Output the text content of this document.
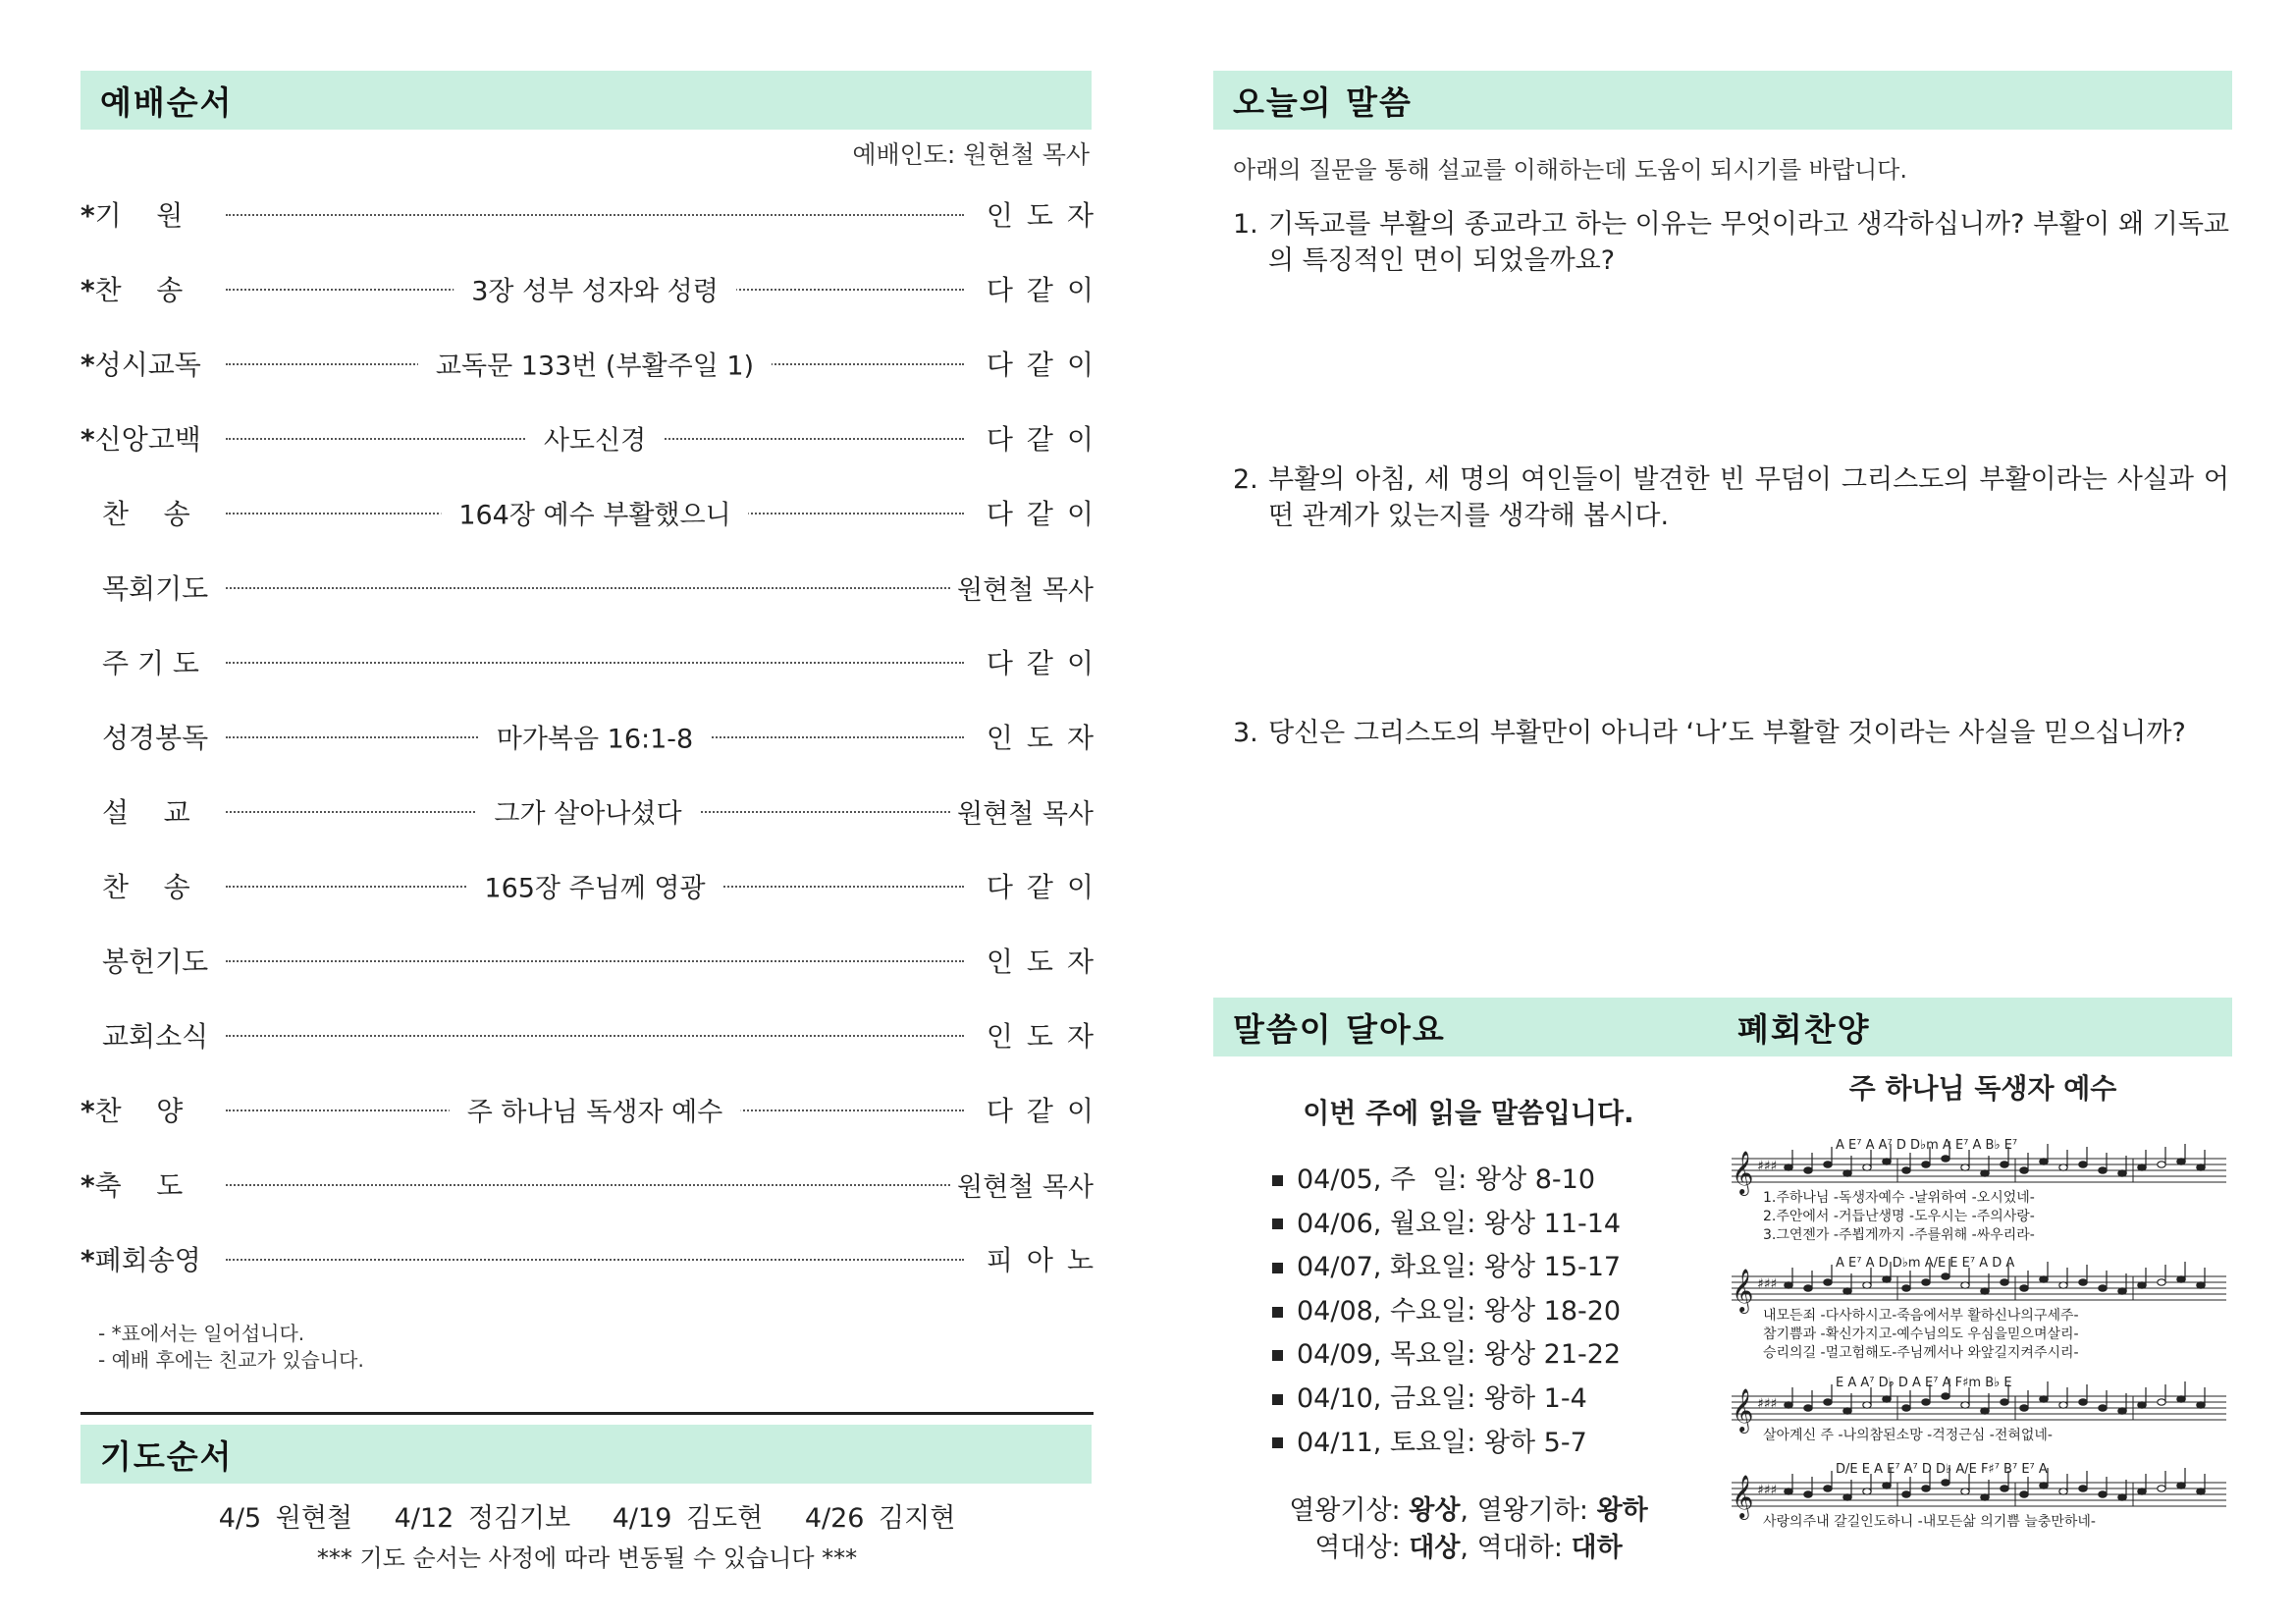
예배순서
예배인도: 원현철 목사
*기    원	인도자
*찬    송	3장 성부 성자와 성령	다같이
*성시교독	교독문 133번 (부활주일 1)	다같이
*신앙고백	사도신경	다같이
찬    송	164장 예수 부활했으니	다같이
목회기도	원현철 목사
주 기 도	다같이
성경봉독	마가복음 16:1-8	인도자
설    교	그가 살아나셨다	원현철 목사
찬    송	165장 주님께 영광	다같이
봉헌기도	인도자
교회소식	인도자
*찬    양	주 하나님 독생자 예수	다같이
*축    도	원현철 목사
*폐회송영	피아노
- *표에서는 일어섭니다.
- 예배 후에는 친교가 있습니다.
기도순서
4/5 원현철 4/12 정김기보 4/19 김도현 4/26 김지현
*** 기도 순서는 사정에 따라 변동될 수 있습니다 ***
오늘의 말씀
아래의 질문을 통해 설교를 이해하는데 도움이 되시기를 바랍니다.
1. 기독교를 부활의 종교라고 하는 이유는 무엇이라고 생각하십니까? 부활이 왜 기독교의 특징적인 면이 되었을까요?
2. 부활의 아침, 세 명의 여인들이 발견한 빈 무덤이 그리스도의 부활이라는 사실과 어떤 관계가 있는지를 생각해 봅시다.
3. 당신은 그리스도의 부활만이 아니라 ‘나’도 부활할 것이라는 사실을 믿으십니까?
말씀이 달아요	폐회찬양
이번 주에 읽을 말씀입니다.
04/05, 주  일: 왕상 8-10
04/06, 월요일: 왕상 11-14
04/07, 화요일: 왕상 15-17
04/08, 수요일: 왕상 18-20
04/09, 목요일: 왕상 21-22
04/10, 금요일: 왕하 1-4
04/11, 토요일: 왕하 5-7
열왕기상: 왕상, 열왕기하: 왕하
역대상: 대상, 역대하: 대하
주 하나님 독생자 예수
A E⁷ A A⁷ D D♭m A E⁷ A B♭ E⁷
𝄞 ♯♯♯
1.주하나님 -독생자예수 -날위하여 -오시었네-
2.주안에서 -거듭난생명 -도우시는 -주의사랑-
3.그연젠가 -주뵙게까지 -주를위해 -싸우리라-
A E⁷ A D D♭m A/E E E⁷ A D A
𝄞 ♯♯♯
내모든죄 -다사하시고-죽음에서부 활하신나의구세주-
참기쁨과 -확신가지고-예수님의도 우심을믿으며살리-
승리의길 -멀고험해도-주님께서나 와앞길지켜주시리-
E A A⁷ D♭ D A E⁷ A F♯m B♭ E
𝄞 ♯♯♯
살아계신 주 -나의참된소망 -걱정근심 -전혀없네-
D/E E A E⁷ A⁷ D D♭ A/E F♯⁷ B⁷ E⁷ A
𝄞 ♯♯♯
사랑의주내 갈길인도하니 -내모든삶 의기쁨 늘충만하네-
